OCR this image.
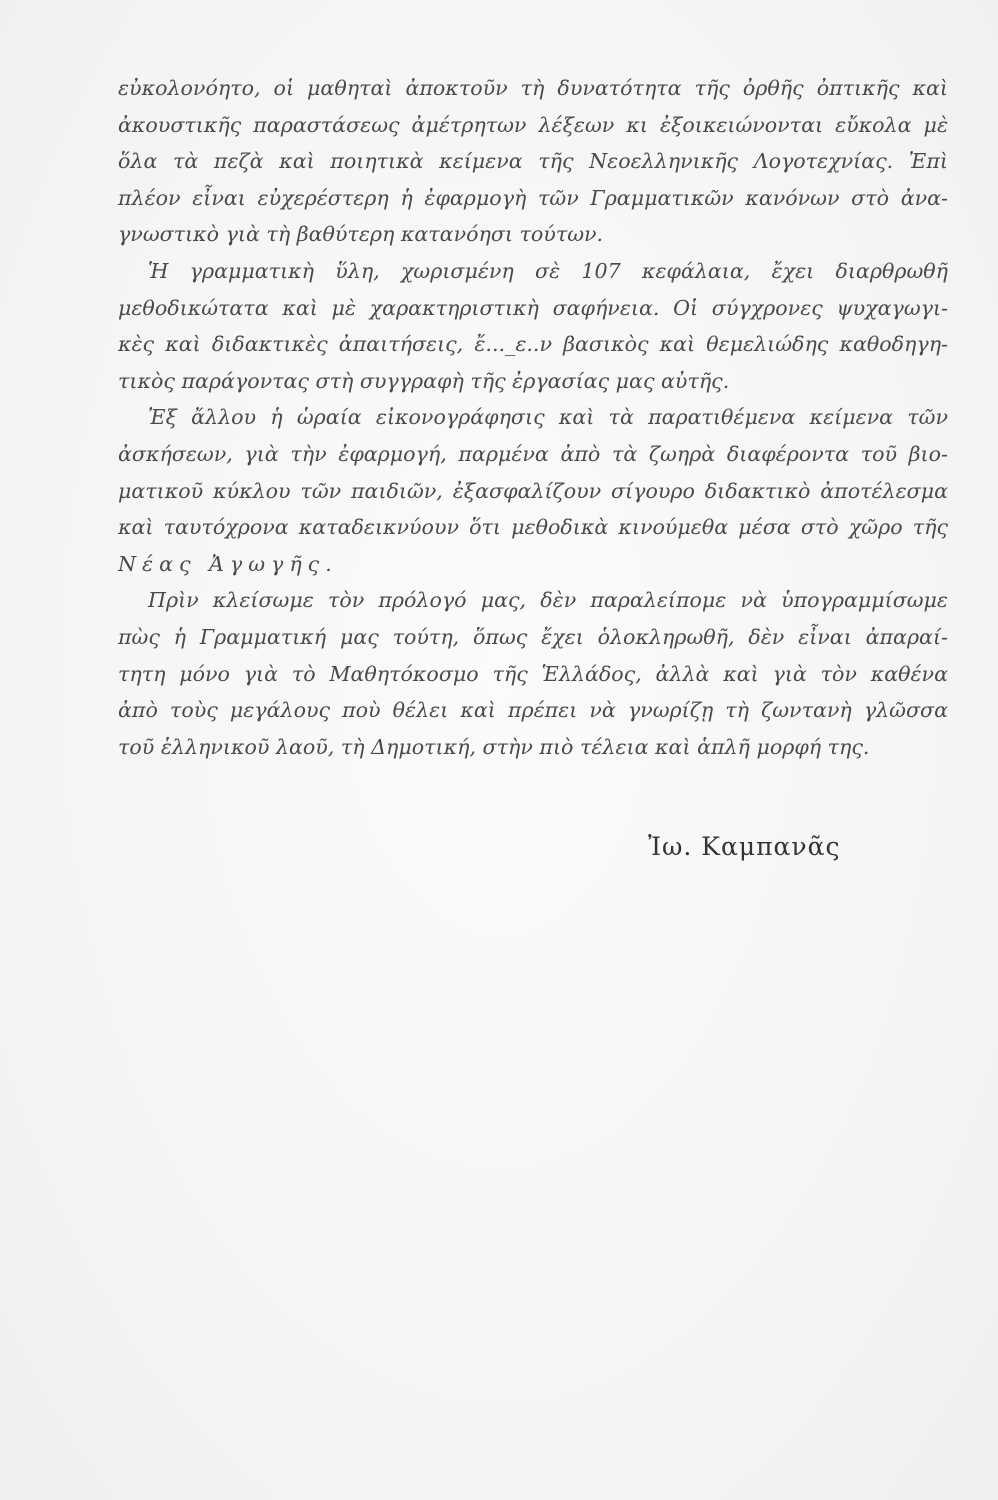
εὐκολονόητο, οἱ μαθηταὶ ἀποκτοῦν τὴ δυνατότητα τῆς ὀρθῆς ὀπτικῆς καὶ
ἀκουστικῆς παραστάσεως ἀμέτρητων λέξεων κι ἐξοικειώνονται εὔκολα μὲ
ὅλα τὰ πεζὰ καὶ ποιητικὰ κείμενα τῆς Νεοελληνικῆς Λογοτεχνίας. Ἐπὶ
πλέον εἶναι εὐχερέστερη ἡ ἐφαρμογὴ τῶν Γραμματικῶν κανόνων στὸ ἀνα-
γνωστικὸ γιὰ τὴ βαθύτερη κατανόησι τούτων.
Ἡ γραμματικὴ ὕλη, χωρισμένη σὲ 107 κεφάλαια, ἔχει διαρθρωθῆ
μεθοδικώτατα καὶ μὲ χαρακτηριστικὴ σαφήνεια. Οἱ σύγχρονες ψυχαγωγι-
κὲς καὶ διδακτικὲς ἀπαιτήσεις, ἔ..._ε..ν βασικὸς καὶ θεμελιώδης καθοδηγη-
τικὸς παράγοντας στὴ συγγραφὴ τῆς ἐργασίας μας αὐτῆς.
Ἐξ ἄλλου ἡ ὡραία εἰκονογράφησις καὶ τὰ παρατιθέμενα κείμενα τῶν
ἀσκήσεων, γιὰ τὴν ἐφαρμογή, παρμένα ἀπὸ τὰ ζωηρὰ διαφέροντα τοῦ βιο-
ματικοῦ κύκλου τῶν παιδιῶν, ἐξασφαλίζουν σίγουρο διδακτικὸ ἀποτέλεσμα
καὶ ταυτόχρονα καταδεικνύουν ὅτι μεθοδικὰ κινούμεθα μέσα στὸ χῶρο τῆς
Νέας Ἀγωγῆς.
Πρὶν κλείσωμε τὸν πρόλογό μας, δὲν παραλείπομε νὰ ὑπογραμμίσωμε
πὼς ἡ Γραμματική μας τούτη, ὅπως ἔχει ὁλοκληρωθῆ, δὲν εἶναι ἀπαραί-
τητη μόνο γιὰ τὸ Μαθητόκοσμο τῆς Ἑλλάδος, ἀλλὰ καὶ γιὰ τὸν καθένα
ἀπὸ τοὺς μεγάλους ποὺ θέλει καὶ πρέπει νὰ γνωρίζῃ τὴ ζωντανὴ γλῶσσα
τοῦ ἑλληνικοῦ λαοῦ, τὴ Δημοτική, στὴν πιὸ τέλεια καὶ ἁπλῆ μορφή της.
Ἰω. Καμπανᾶς
